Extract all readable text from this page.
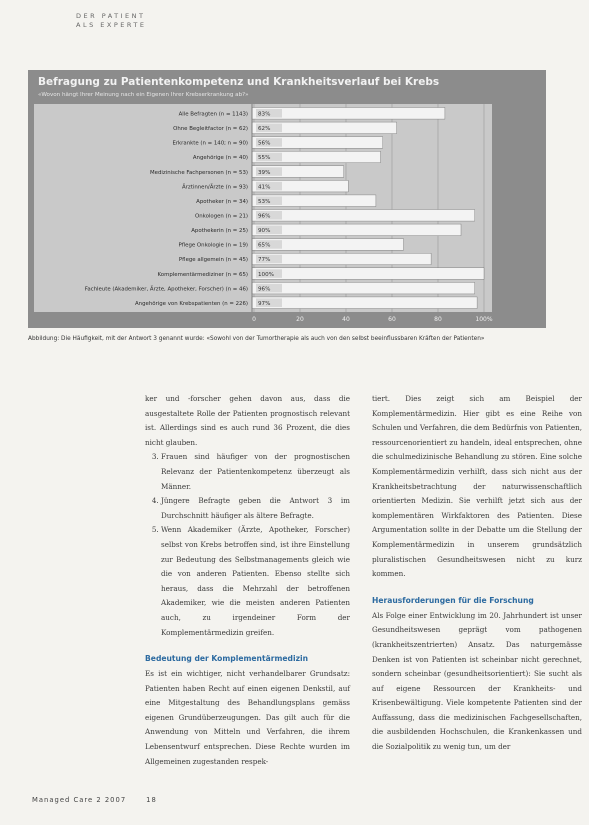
DER PATIENT
ALS EXPERTE
0	20	40	60	80	100%
Alle Befragten (n = 1143) 83%
Ohne Begleitfactor (n = 62) 62%
Erkrankte (n = 140; n = 90) 56%
Angehörige (n = 40) 55%
Medizinische Fachpersonen (n = 53) 39%
Ärztinnen/Ärzte (n = 93) 41%
Apotheker (n = 34) 53%
Onkologen (n = 21) 96%
Apothekerin (n = 25) 90%
Pflege Onkologie (n = 19) 65%
Pflege allgemein (n = 45) 77%
Komplementärmediziner (n = 65) 100%
Fachleute (Akademiker, Ärzte, Apotheker, Forscher) (n = 46) 96%
Angehörige von Krebspatienten (n = 226) 97%
Befragung zu Patientenkompetenz und Krankheitsverlauf bei Krebs
«Wovon hängt Ihrer Meinung nach ein Eigenen Ihrer Krebserkrankung ab?»
Abbildung: Die Häufigkeit, mit der Antwort 3 genannt wurde: «Sowohl von der Tumortherapie als auch von den selbst beeinflussbaren Kräften der Patienten»

ker und -forscher gehen davon aus, dass die ausgestaltete Rolle der Patienten prognostisch relevant ist. Allerdings sind es auch rund 36 Prozent, die dies nicht glauben.

3. Frauen sind häufiger von der prognostischen Relevanz der Patientenkompetenz überzeugt als Männer.
4. Jüngere Befragte geben die Antwort 3 im Durchschnitt häufiger als ältere Befragte.
5. Wenn Akademiker (Ärzte, Apotheker, Forscher) selbst von Krebs betroffen sind, ist ihre Einstellung zur Bedeutung des Selbstmanagements gleich wie die von anderen Patienten. Ebenso stellte sich heraus, dass die Mehrzahl der betroffenen Akademiker, wie die meisten anderen Patienten auch, zu irgendeiner Form der Komplementärmedizin greifen.
Bedeutung der Komplementärmedizin

Es ist ein wichtiger, nicht verhandelbarer Grundsatz: Patienten haben Recht auf einen eigenen Denkstil, auf eine Mitgestaltung des Behandlungsplans gemäss eigenen Grundüberzeugungen. Das gilt auch für die Anwendung von Mitteln und Verfahren, die ihrem Lebensentwurf entsprechen. Diese Rechte wurden im Allgemeinen zugestanden respek-

tiert. Dies zeigt sich am Beispiel der Komplementärmedizin. Hier gibt es eine Reihe von Schulen und Verfahren, die dem Bedürfnis von Patienten, ressourcenorientiert zu handeln, ideal entsprechen, ohne die schulmedizinische Behandlung zu stören. Eine solche Komplementärmedizin verhilft, dass sich nicht aus der Krankheitsbetrachtung der naturwissenschaftlich orientierten Medizin. Sie verhilft jetzt sich aus der komplementären Wirkfaktoren des Patienten. Diese Argumentation sollte in der Debatte um die Stellung der Komplementärmedizin in unserem grundsätzlich pluralistischen Gesundheitswesen nicht zu kurz kommen.

Herausforderungen für die Forschung

Als Folge einer Entwicklung im 20. Jahrhundert ist unser Gesundheitswesen geprägt vom pathogenen (krankheitszentrierten) Ansatz. Das naturgemässe Denken ist von Patienten ist scheinbar nicht gerechnet, sondern scheinbar (gesundheitsorientiert): Sie sucht als auf eigene Ressourcen der Krankheits- und Krisenbewältigung. Viele kompetente Patienten sind der Auffassung, dass die medizinischen Fachgesellschaften, die ausbildenden Hochschulen, die Krankenkassen und die Sozialpolitik zu wenig tun, um der

Managed Care 2 2007	18
